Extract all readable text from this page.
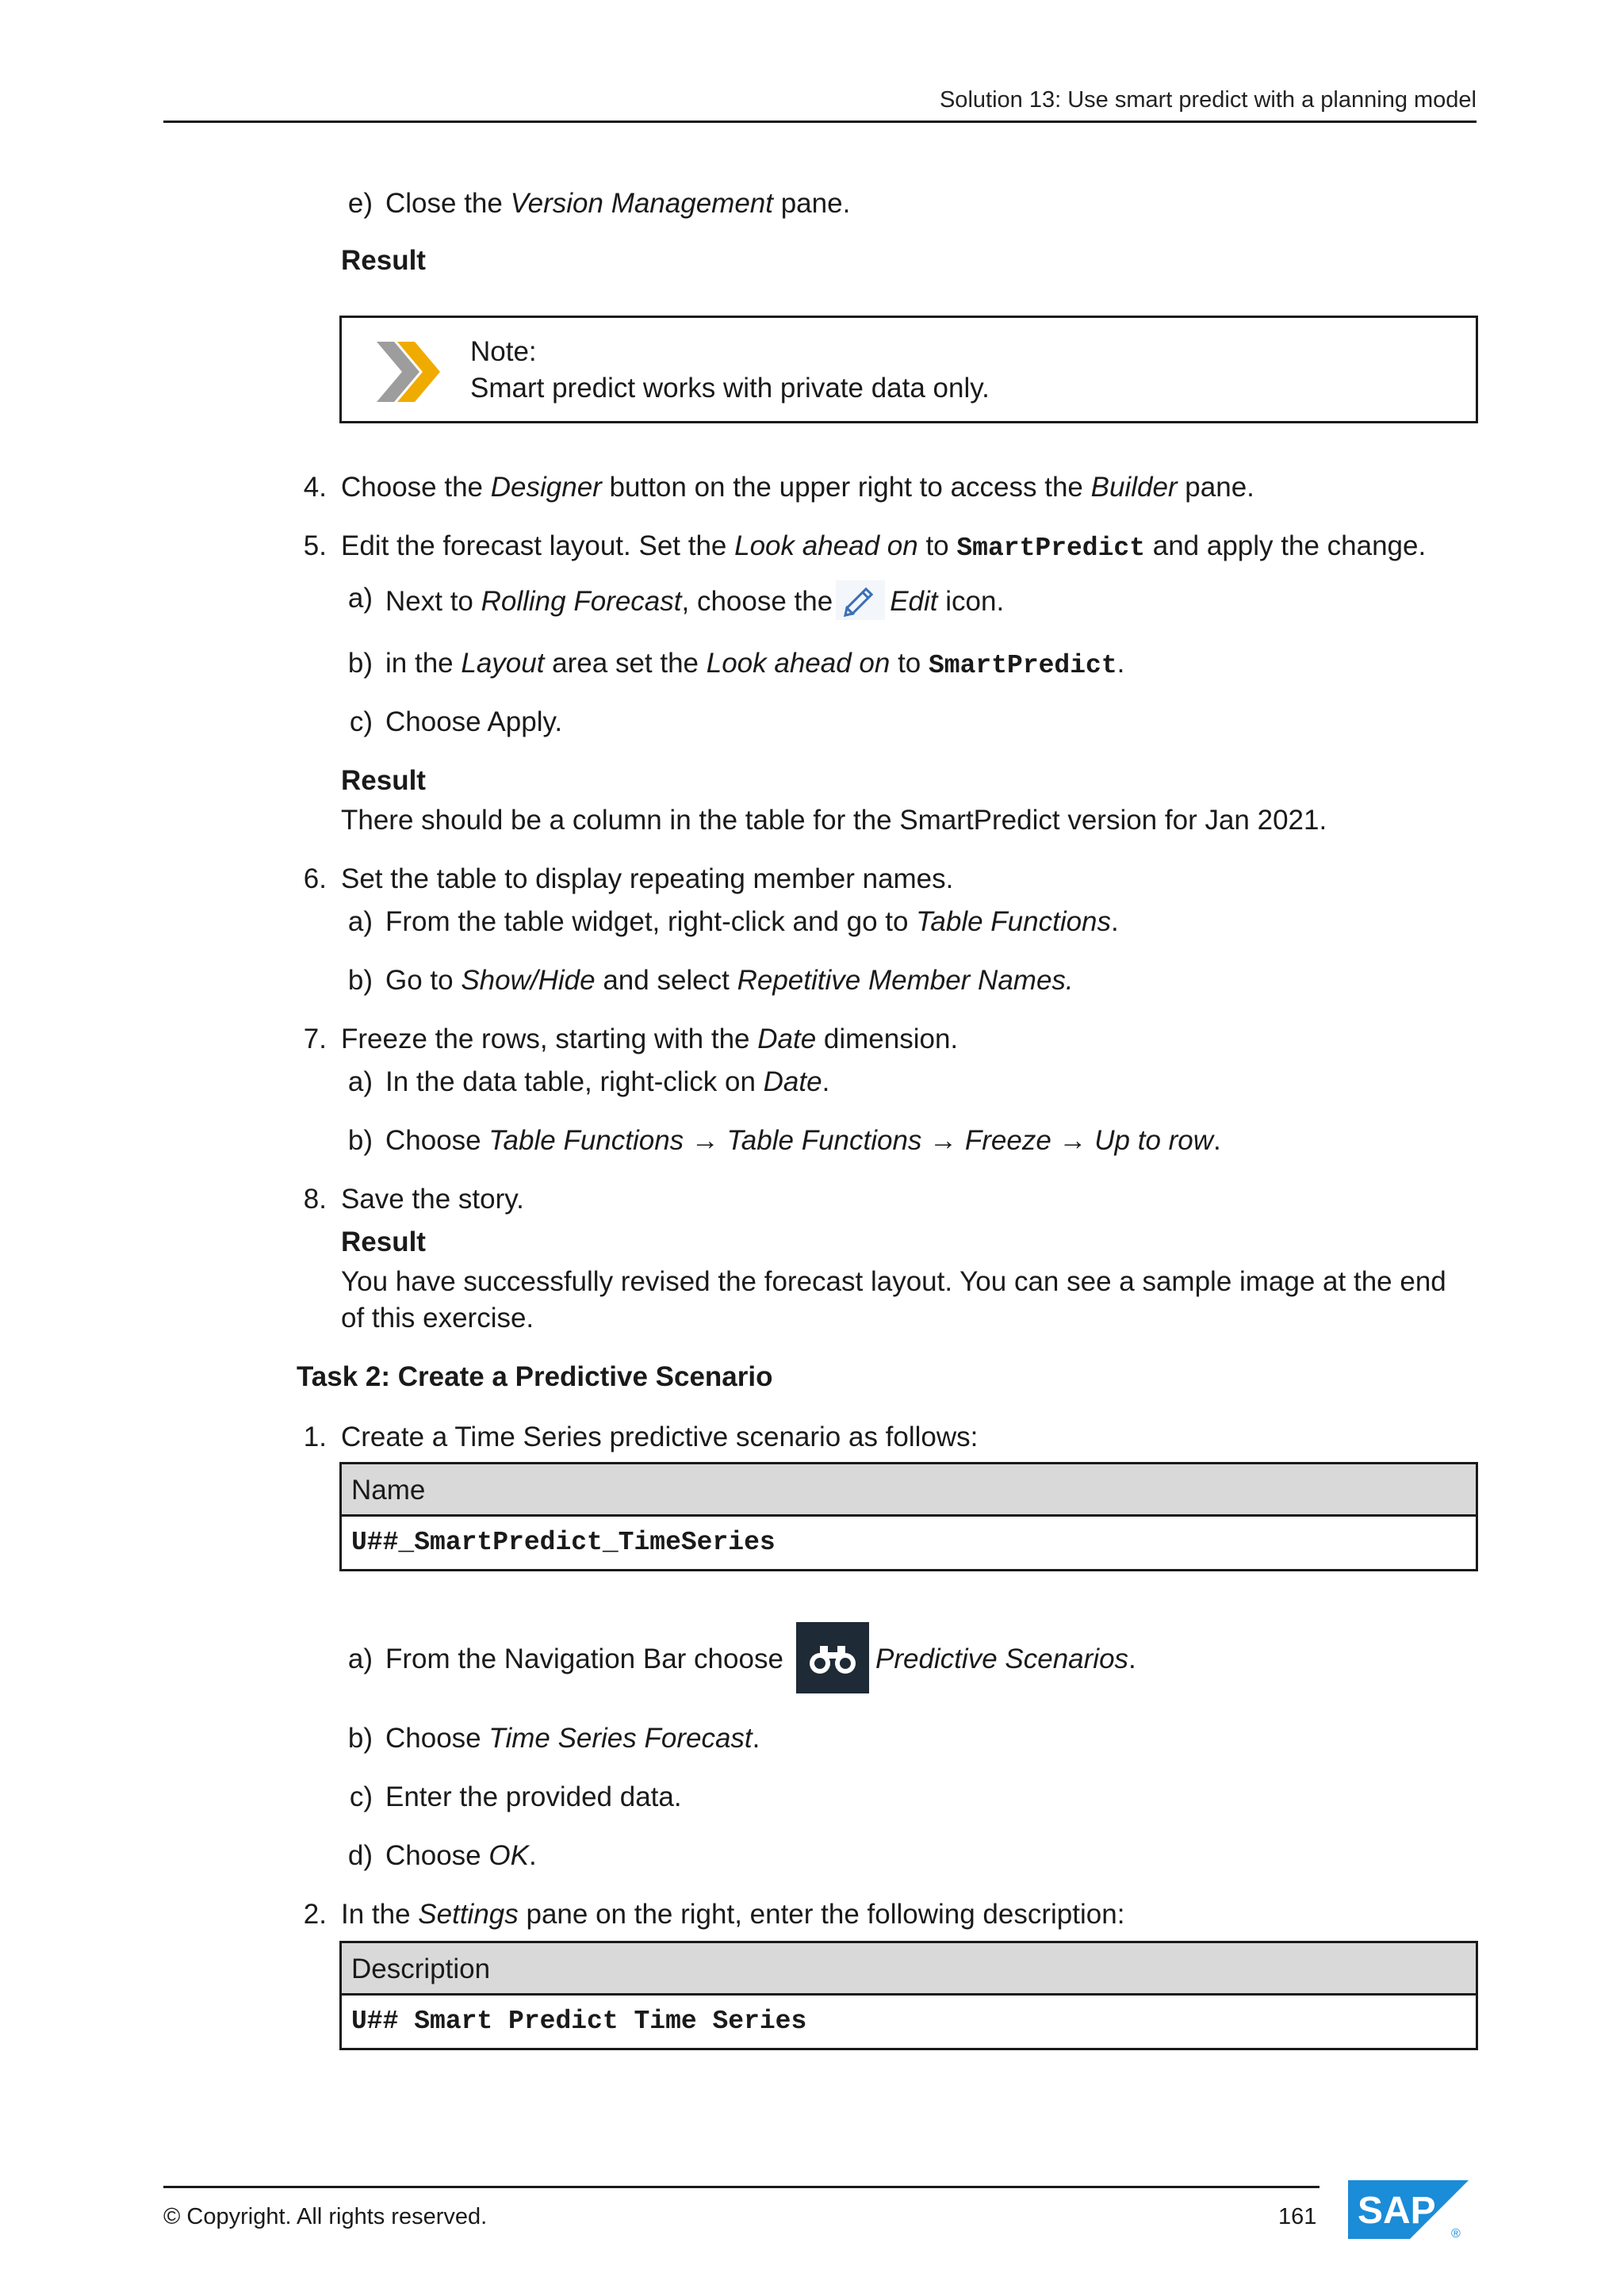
Solution 13: Use smart predict with a planning model
e) Close the Version Management pane.
Result
Note:
Smart predict works with private data only.
4. Choose the Designer button on the upper right to access the Builder pane.
5. Edit the forecast layout. Set the Look ahead on to SmartPredict and apply the change.
a) Next to Rolling Forecast, choose the Edit icon.
b) in the Layout area set the Look ahead on to SmartPredict.
c) Choose Apply.
Result
There should be a column in the table for the SmartPredict version for Jan 2021.
6. Set the table to display repeating member names.
a) From the table widget, right-click and go to Table Functions.
b) Go to Show/Hide and select Repetitive Member Names.
7. Freeze the rows, starting with the Date dimension.
a) In the data table, right-click on Date.
b) Choose Table Functions → Table Functions → Freeze → Up to row.
8. Save the story.
Result
You have successfully revised the forecast layout. You can see a sample image at the end
of this exercise.
Task 2: Create a Predictive Scenario
1. Create a Time Series predictive scenario as follows:
Name
U##_SmartPredict_TimeSeries
a) From the Navigation Bar choose	Predictive Scenarios.
b) Choose Time Series Forecast.
c) Enter the provided data.
d) Choose OK.
2. In the Settings pane on the right, enter the following description:
Description
U## Smart Predict Time Series
© Copyright. All rights reserved.	161 SAP
®
